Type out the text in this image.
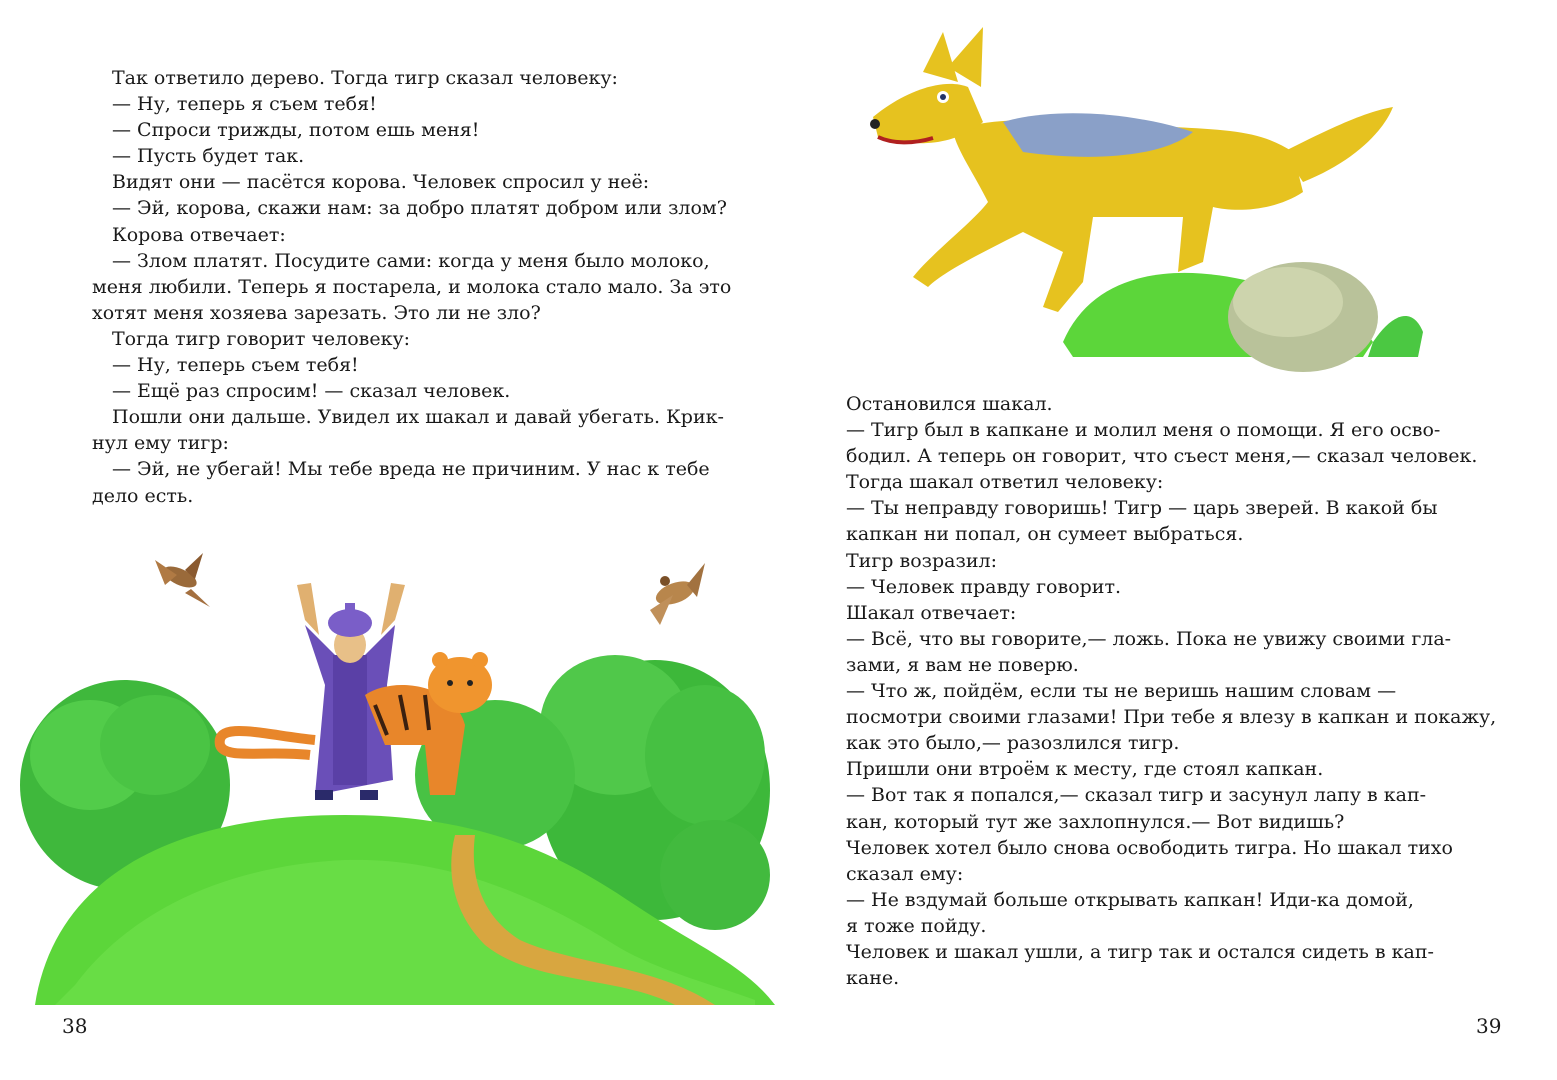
Так ответило дерево. Тогда тигр сказал человеку:

— Ну, теперь я съем тебя!

— Спроси трижды, потом ешь меня!

— Пусть будет так.

Видят они — пасётся корова. Человек спросил у неё:

— Эй, корова, скажи нам: за добро платят добром или злом?

Корова отвечает:

— Злом платят. Посудите сами: когда у меня было молоко,

меня любили. Теперь я постарела, и молока стало мало. За это

хотят меня хозяева зарезать. Это ли не зло?

Тогда тигр говорит человеку:

— Ну, теперь съем тебя!

— Ещё раз спросим! — сказал человек.

Пошли они дальше. Увидел их шакал и давай убегать. Крик-

нул ему тигр:

— Эй, не убегай! Мы тебе вреда не причиним. У нас к тебе

дело есть.

38

Остановился шакал.

— Тигр был в капкане и молил меня о помощи. Я его осво-

бодил. А теперь он говорит, что съест меня,— сказал человек.

Тогда шакал ответил человеку:

— Ты неправду говоришь! Тигр — царь зверей. В какой бы

капкан ни попал, он сумеет выбраться.

Тигр возразил:

— Человек правду говорит.

Шакал отвечает:

— Всё, что вы говорите,— ложь. Пока не увижу своими гла-

зами, я вам не поверю.

— Что ж, пойдём, если ты не веришь нашим словам —

посмотри своими глазами! При тебе я влезу в капкан и покажу,

как это было,— разозлился тигр.

Пришли они втроём к месту, где стоял капкан.

— Вот так я попался,— сказал тигр и засунул лапу в кап-

кан, который тут же захлопнулся.— Вот видишь?

Человек хотел было снова освободить тигра. Но шакал тихо

сказал ему:

— Не вздумай больше открывать капкан! Иди-ка домой,

я тоже пойду.

Человек и шакал ушли, а тигр так и остался сидеть в кап-

кане.

39
